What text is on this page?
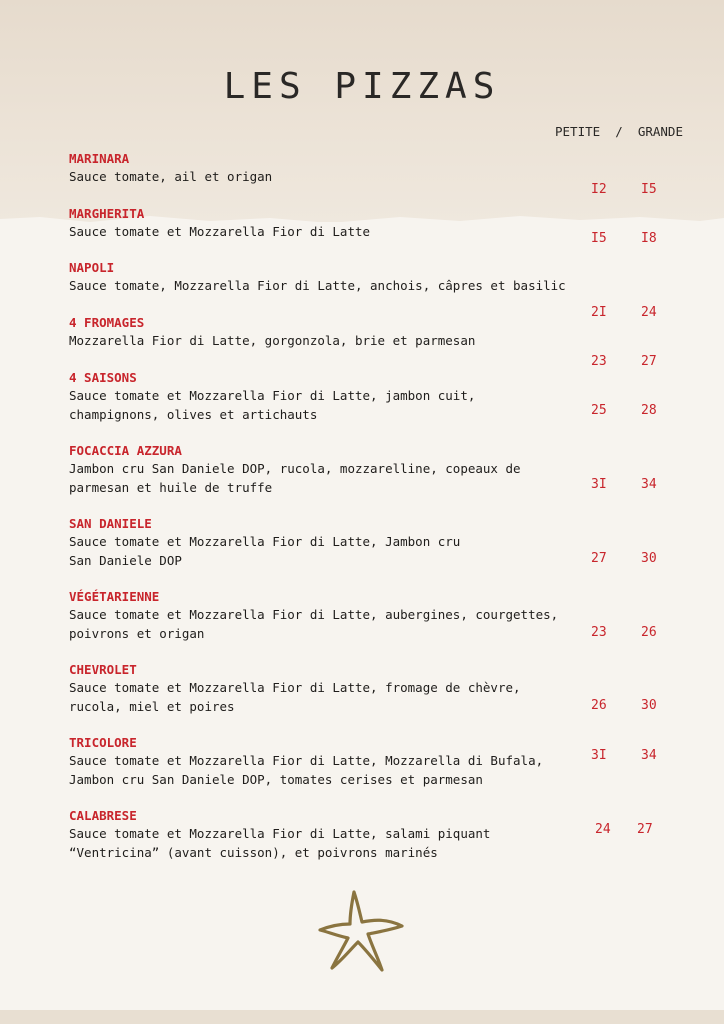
LES PIZZAS
PETITE / GRANDE
MARINARA
Sauce tomate, ail et origan
I2	I5
MARGHERITA
Sauce tomate et Mozzarella Fior di Latte	I5	I8
NAPOLI
Sauce tomate, Mozzarella Fior di Latte, anchois, câpres et basilic
2I	24
4 FROMAGES
Mozzarella Fior di Latte, gorgonzola, brie et parmesan
23	27
4 SAISONS
Sauce tomate et Mozzarella Fior di Latte, jambon cuit,
champignons, olives et artichauts	25	28
FOCACCIA AZZURA
Jambon cru San Daniele DOP, rucola, mozzarelline, copeaux de
parmesan et huile de truffe	3I	34
SAN DANIELE
Sauce tomate et Mozzarella Fior di Latte, Jambon cru
San Daniele DOP	27	30
VÉGÉTARIENNE
Sauce tomate et Mozzarella Fior di Latte, aubergines, courgettes,
poivrons et origan	23	26
CHEVROLET
Sauce tomate et Mozzarella Fior di Latte, fromage de chèvre,
rucola, miel et poires	26	30
TRICOLORE
Sauce tomate et Mozzarella Fior di Latte, Mozzarella di Bufala,
Jambon cru San Daniele DOP, tomates cerises et parmesan
3I	34
CALABRESE
Sauce tomate et Mozzarella Fior di Latte, salami piquant
“Ventricina” (avant cuisson), et poivrons marinés
24 27
